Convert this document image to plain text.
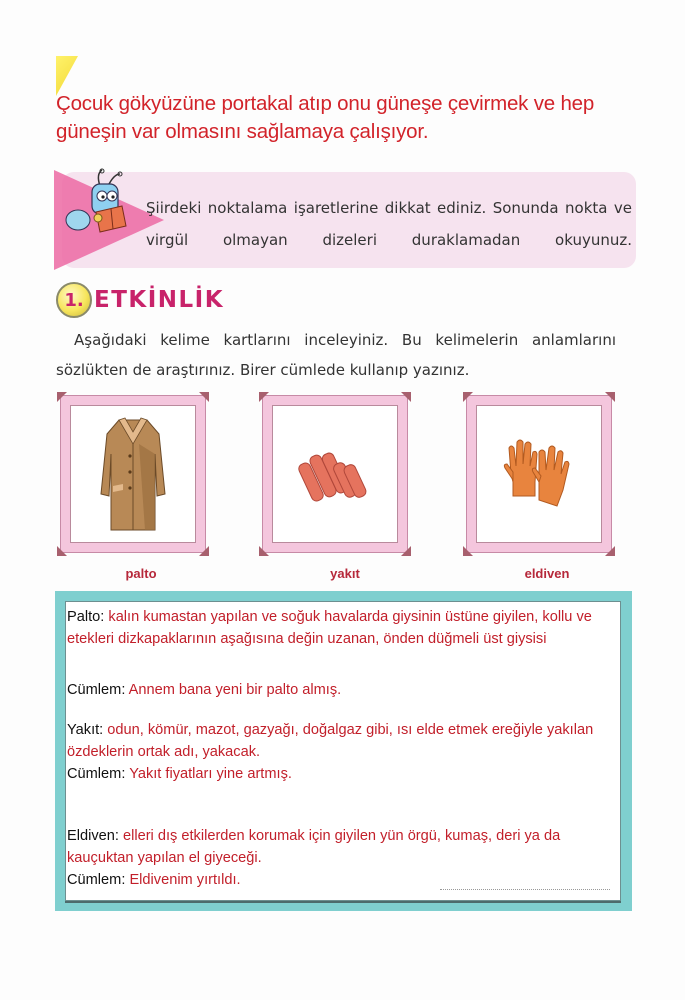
Çocuk gökyüzüne portakal atıp onu güneşe çevirmek ve hep güneşin var olmasını sağlamaya çalışıyor.

Şiirdeki noktalama işaretlerine dikkat ediniz. Sonunda nokta ve virgül olmayan dizeleri duraklamadan okuyunuz.

1. ETKİNLİK

Aşağıdaki kelime kartlarını inceleyiniz. Bu kelimelerin anlamlarını sözlükten de araştırınız. Birer cümlede kullanıp yazınız.

palto	yakıt	eldiven
Palto: kalın kumastan yapılan ve soğuk havalarda giysinin üstüne giyilen, kollu ve etekleri dizkapaklarının aşağısına değin uzanan, önden düğmeli üst giysisi
Cümlem: Annem bana yeni bir palto almış.
Yakıt: odun, kömür, mazot, gazyağı, doğalgaz gibi, ısı elde etmek ereğiyle yakılan özdeklerin ortak adı, yakacak.
Cümlem: Yakıt fiyatları yine artmış.
Eldiven: elleri dış etkilerden korumak için giyilen yün örgü, kumaş, deri ya da kauçuktan yapılan el giyeceği.
Cümlem: Eldivenim yırtıldı.
